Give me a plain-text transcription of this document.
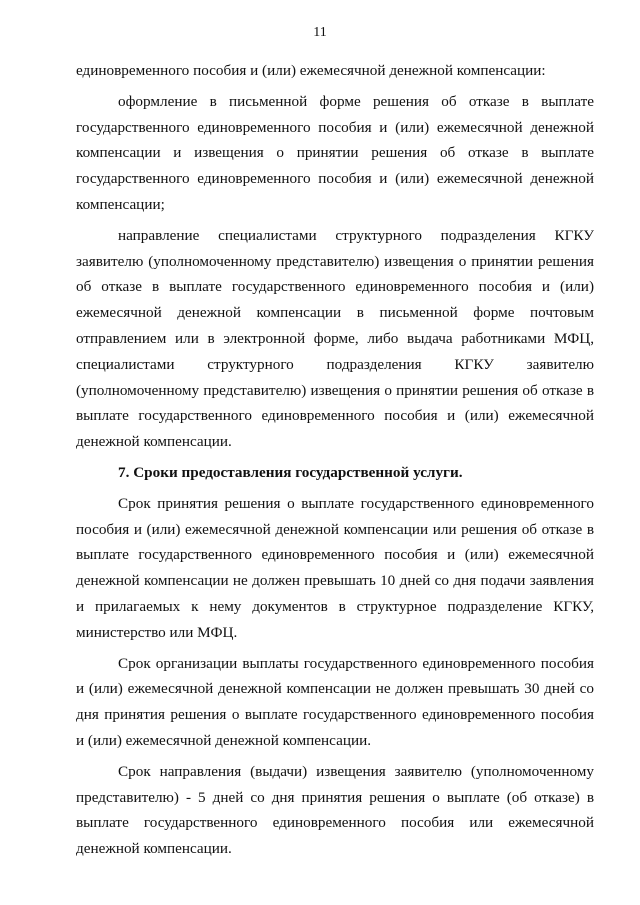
11

единовременного пособия и (или) ежемесячной денежной компенсации:

оформление в письменной форме решения об отказе в выплате государственного единовременного пособия и (или) ежемесячной денежной компенсации и извещения о принятии решения об отказе в выплате государственного единовременного пособия и (или) ежемесячной денежной компенсации;

направление специалистами структурного подразделения КГКУ заявителю (уполномоченному представителю) извещения о принятии решения об отказе в выплате государственного единовременного пособия и (или) ежемесячной денежной компенсации в письменной форме почтовым отправлением или в электронной форме, либо выдача работниками МФЦ, специалистами структурного подразделения КГКУ заявителю (уполномоченному представителю) извещения о принятии решения об отказе в выплате государственного единовременного пособия и (или) ежемесячной денежной компенсации.

7. Сроки предоставления государственной услуги.

Срок принятия решения о выплате государственного единовременного пособия и (или) ежемесячной денежной компенсации или решения об отказе в выплате государственного единовременного пособия и (или) ежемесячной денежной компенсации не должен превышать 10 дней со дня подачи заявления и прилагаемых к нему документов в структурное подразделение КГКУ, министерство или МФЦ.

Срок организации выплаты государственного единовременного пособия и (или) ежемесячной денежной компенсации не должен превышать 30 дней со дня принятия решения о выплате государственного единовременного пособия и (или) ежемесячной денежной компенсации.

Срок направления (выдачи) извещения заявителю (уполномоченному представителю) - 5 дней со дня принятия решения о выплате (об отказе) в выплате государственного единовременного пособия или ежемесячной денежной компенсации.
